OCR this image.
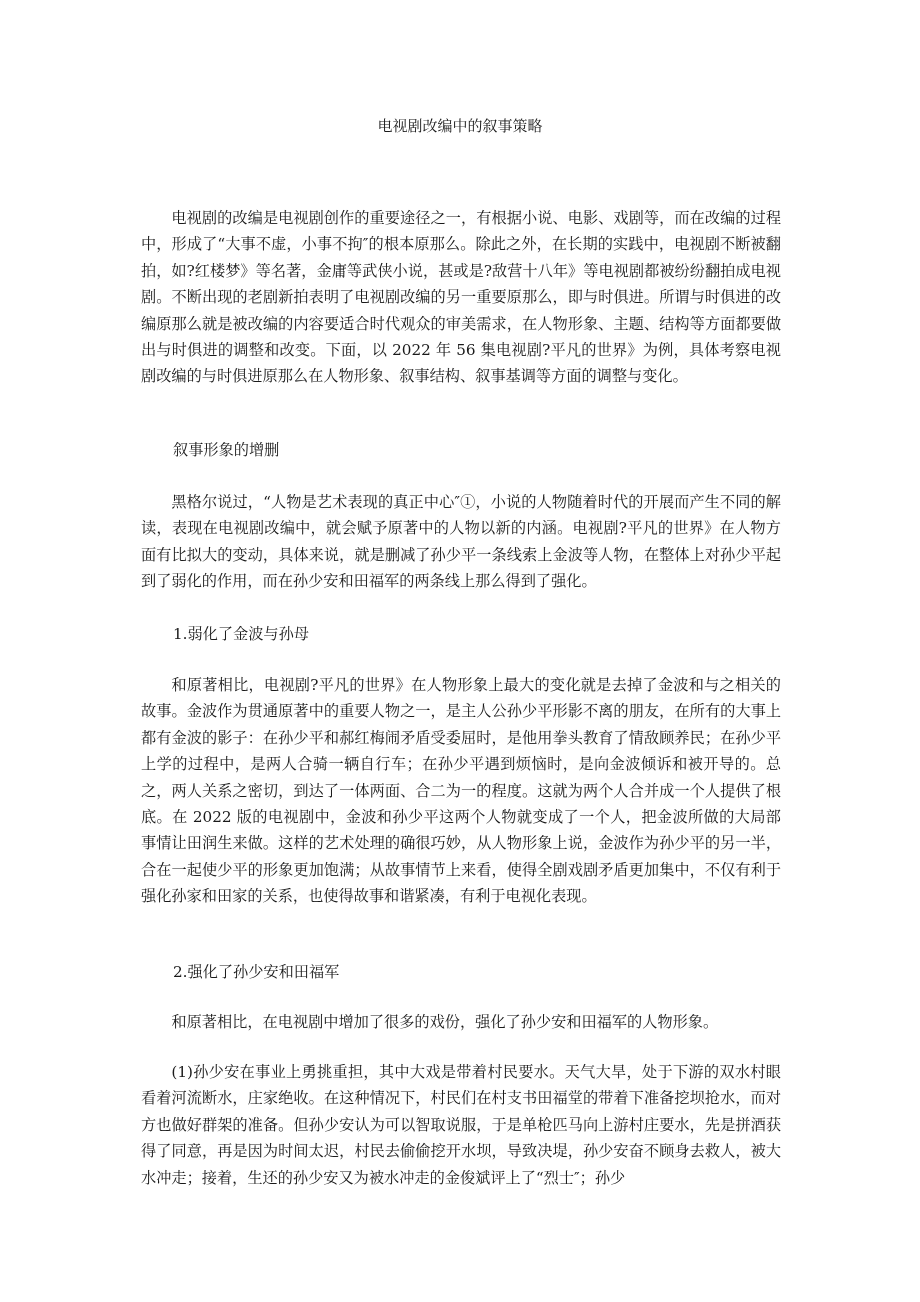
电视剧改编中的叙事策略

电视剧的改编是电视剧创作的重要途径之一，有根据小说、电影、戏剧等，而在改编的过程中，形成了“大事不虚，小事不拘″的根本原那么。除此之外，在长期的实践中，电视剧不断被翻拍，如?红楼梦》等名著，金庸等武侠小说，甚或是?敌营十八年》等电视剧都被纷纷翻拍成电视剧。不断出现的老剧新拍表明了电视剧改编的另一重要原那么，即与时俱进。所谓与时俱进的改编原那么就是被改编的内容要适合时代观众的审美需求，在人物形象、主题、结构等方面都要做出与时俱进的调整和改变。下面，以 2022 年 56 集电视剧?平凡的世界》为例，具体考察电视剧改编的与时俱进原那么在人物形象、叙事结构、叙事基调等方面的调整与变化。

叙事形象的增删

黑格尔说过，“人物是艺术表现的真正中心″①，小说的人物随着时代的开展而产生不同的解读，表现在电视剧改编中，就会赋予原著中的人物以新的内涵。电视剧?平凡的世界》在人物方面有比拟大的变动，具体来说，就是删减了孙少平一条线索上金波等人物，在整体上对孙少平起到了弱化的作用，而在孙少安和田福军的两条线上那么得到了强化。

1.弱化了金波与孙母

和原著相比，电视剧?平凡的世界》在人物形象上最大的变化就是去掉了金波和与之相关的故事。金波作为贯通原著中的重要人物之一，是主人公孙少平形影不离的朋友，在所有的大事上都有金波的影子：在孙少平和郝红梅闹矛盾受委屈时，是他用拳头教育了情敌顾养民；在孙少平上学的过程中，是两人合骑一辆自行车；在孙少平遇到烦恼时，是向金波倾诉和被开导的。总之，两人关系之密切，到达了一体两面、合二为一的程度。这就为两个人合并成一个人提供了根底。在 2022 版的电视剧中，金波和孙少平这两个人物就变成了一个人，把金波所做的大局部事情让田润生来做。这样的艺术处理的确很巧妙，从人物形象上说，金波作为孙少平的另一半，合在一起使少平的形象更加饱满；从故事情节上来看，使得全剧戏剧矛盾更加集中，不仅有利于强化孙家和田家的关系，也使得故事和谐紧凑，有利于电视化表现。

2.强化了孙少安和田福军

和原著相比，在电视剧中增加了很多的戏份，强化了孙少安和田福军的人物形象。

(1)孙少安在事业上勇挑重担，其中大戏是带着村民要水。天气大旱，处于下游的双水村眼看着河流断水，庄家绝收。在这种情况下，村民们在村支书田福堂的带着下准备挖坝抢水，而对方也做好群架的准备。但孙少安认为可以智取说服，于是单枪匹马向上游村庄要水，先是拼酒获得了同意，再是因为时间太迟，村民去偷偷挖开水坝，导致决堤，孙少安奋不顾身去救人，被大水冲走；接着，生还的孙少安又为被水冲走的金俊斌评上了“烈士″；孙少
